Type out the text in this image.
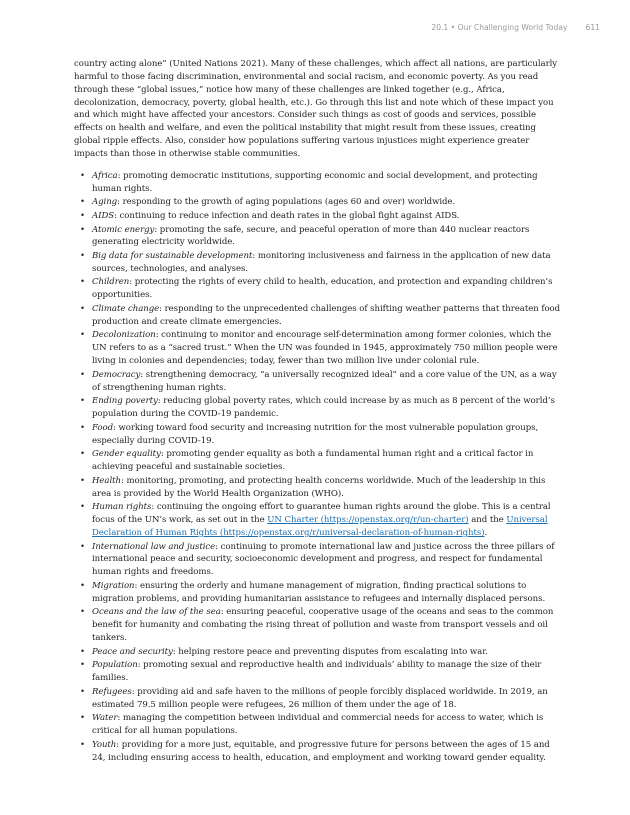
20.1 • Our Challenging World Today 611

country acting alone” (United Nations 2021). Many of these challenges, which affect all nations, are particularly harmful to those facing discrimination, environmental and social racism, and economic poverty. As you read through these “global issues,” notice how many of these challenges are linked together (e.g., Africa, decolonization, democracy, poverty, global health, etc.). Go through this list and note which of these impact you and which might have affected your ancestors. Consider such things as cost of goods and services, possible effects on health and welfare, and even the political instability that might result from these issues, creating global ripple effects. Also, consider how populations suffering various injustices might experience greater impacts than those in otherwise stable communities.

• Africa: promoting democratic institutions, supporting economic and social development, and protecting human rights.
• Aging: responding to the growth of aging populations (ages 60 and over) worldwide.
• AIDS: continuing to reduce infection and death rates in the global fight against AIDS.
• Atomic energy: promoting the safe, secure, and peaceful operation of more than 440 nuclear reactors generating electricity worldwide.
• Big data for sustainable development: monitoring inclusiveness and fairness in the application of new data sources, technologies, and analyses.
• Children: protecting the rights of every child to health, education, and protection and expanding children’s opportunities.
• Climate change: responding to the unprecedented challenges of shifting weather patterns that threaten food production and create climate emergencies.
• Decolonization: continuing to monitor and encourage self-determination among former colonies, which the UN refers to as a “sacred trust.” When the UN was founded in 1945, approximately 750 million people were living in colonies and dependencies; today, fewer than two million live under colonial rule.
• Democracy: strengthening democracy, “a universally recognized ideal” and a core value of the UN, as a way of strengthening human rights.
• Ending poverty: reducing global poverty rates, which could increase by as much as 8 percent of the world’s population during the COVID-19 pandemic.
• Food: working toward food security and increasing nutrition for the most vulnerable population groups, especially during COVID-19.
• Gender equality: promoting gender equality as both a fundamental human right and a critical factor in achieving peaceful and sustainable societies.
• Health: monitoring, promoting, and protecting health concerns worldwide. Much of the leadership in this area is provided by the World Health Organization (WHO).
• Human rights: continuing the ongoing effort to guarantee human rights around the globe. This is a central focus of the UN’s work, as set out in the UN Charter (https://openstax.org/r/un-charter) and the Universal Declaration of Human Rights (https://openstax.org/r/universal-declaration-of-human-rights).
• International law and justice: continuing to promote international law and justice across the three pillars of international peace and security, socioeconomic development and progress, and respect for fundamental human rights and freedoms.
• Migration: ensuring the orderly and humane management of migration, finding practical solutions to migration problems, and providing humanitarian assistance to refugees and internally displaced persons.
• Oceans and the law of the sea: ensuring peaceful, cooperative usage of the oceans and seas to the common benefit for humanity and combating the rising threat of pollution and waste from transport vessels and oil tankers.
• Peace and security: helping restore peace and preventing disputes from escalating into war.
• Population: promoting sexual and reproductive health and individuals’ ability to manage the size of their families.
• Refugees: providing aid and safe haven to the millions of people forcibly displaced worldwide. In 2019, an estimated 79.5 million people were refugees, 26 million of them under the age of 18.
• Water: managing the competition between individual and commercial needs for access to water, which is critical for all human populations.
• Youth: providing for a more just, equitable, and progressive future for persons between the ages of 15 and 24, including ensuring access to health, education, and employment and working toward gender equality.
